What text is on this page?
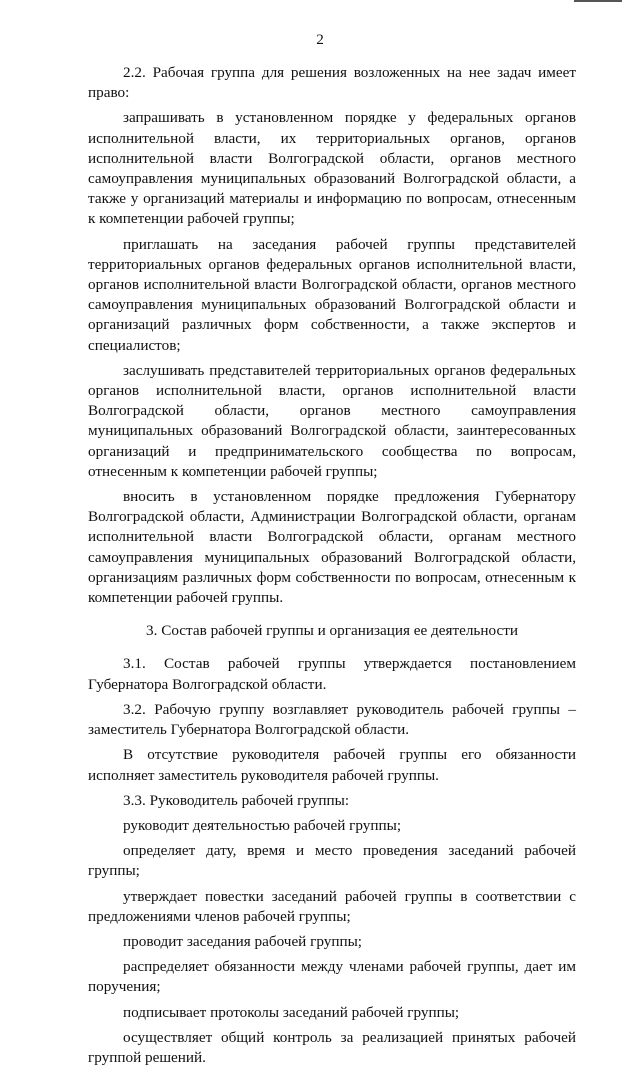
2

2.2. Рабочая группа для решения возложенных на нее задач имеет право:

запрашивать в установленном порядке у федеральных органов исполнительной власти, их территориальных органов, органов исполнительной власти Волгоградской области, органов местного самоуправления муниципальных образований Волгоградской области, а также у организаций материалы и информацию по вопросам, отнесенным к компетенции рабочей группы;

приглашать на заседания рабочей группы представителей территориальных органов федеральных органов исполнительной власти, органов исполнительной власти Волгоградской области, органов местного самоуправления муниципальных образований Волгоградской области и организаций различных форм собственности, а также экспертов и специалистов;

заслушивать представителей территориальных органов федеральных органов исполнительной власти, органов исполнительной власти Волгоградской области, органов местного самоуправления муниципальных образований Волгоградской области, заинтересованных организаций и предпринимательского сообщества по вопросам, отнесенным к компетенции рабочей группы;

вносить в установленном порядке предложения Губернатору Волгоградской области, Администрации Волгоградской области, органам исполнительной власти Волгоградской области, органам местного самоуправления муниципальных образований Волгоградской области, организациям различных форм собственности по вопросам, отнесенным к компетенции рабочей группы.

3. Состав рабочей группы и организация ее деятельности

3.1. Состав рабочей группы утверждается постановлением Губернатора Волгоградской области.

3.2. Рабочую группу возглавляет руководитель рабочей группы – заместитель Губернатора Волгоградской области.

В отсутствие руководителя рабочей группы его обязанности исполняет заместитель руководителя рабочей группы.

3.3. Руководитель рабочей группы:

руководит деятельностью рабочей группы;

определяет дату, время и место проведения заседаний рабочей группы;

утверждает повестки заседаний рабочей группы в соответствии с предложениями членов рабочей группы;

проводит заседания рабочей группы;

распределяет обязанности между членами рабочей группы, дает им поручения;

подписывает протоколы заседаний рабочей группы;

осуществляет общий контроль за реализацией принятых рабочей группой решений.
